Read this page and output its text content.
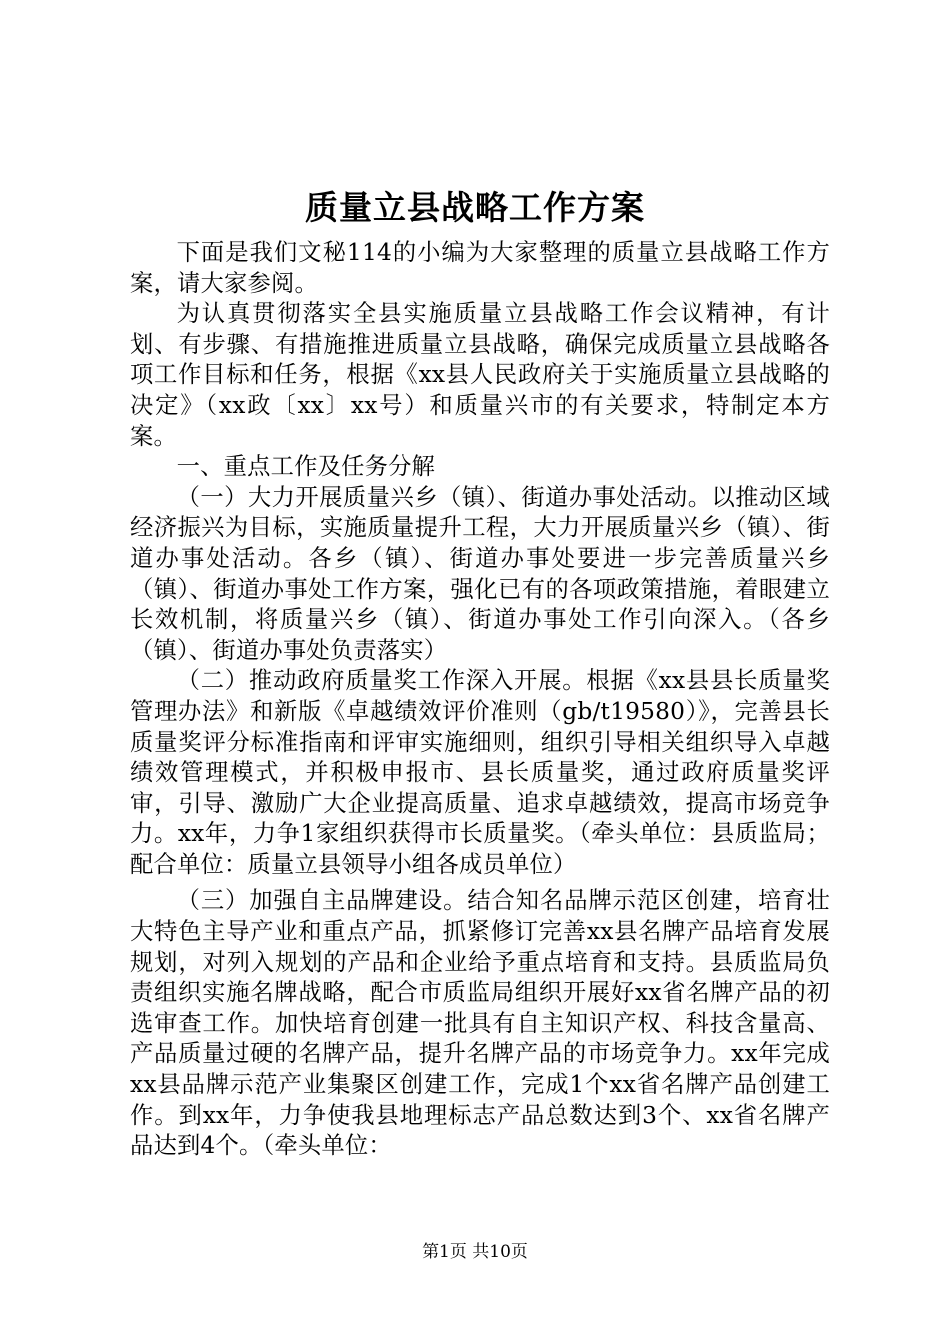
质量立县战略工作方案

下面是我们文秘114的小编为大家整理的质量立县战略工作方案，请大家参阅。

为认真贯彻落实全县实施质量立县战略工作会议精神，有计划、有步骤、有措施推进质量立县战略，确保完成质量立县战略各项工作目标和任务，根据《xx县人民政府关于实施质量立县战略的决定》（xx政〔xx〕xx号）和质量兴市的有关要求，特制定本方案。

一、重点工作及任务分解

（一）大力开展质量兴乡（镇）、街道办事处活动。以推动区域经济振兴为目标，实施质量提升工程，大力开展质量兴乡（镇）、街道办事处活动。各乡（镇）、街道办事处要进一步完善质量兴乡（镇）、街道办事处工作方案，强化已有的各项政策措施，着眼建立长效机制，将质量兴乡（镇）、街道办事处工作引向深入。（各乡（镇）、街道办事处负责落实）

（二）推动政府质量奖工作深入开展。根据《xx县县长质量奖管理办法》和新版《卓越绩效评价准则（gb/t19580）》，完善县长质量奖评分标准指南和评审实施细则，组织引导相关组织导入卓越绩效管理模式，并积极申报市、县长质量奖，通过政府质量奖评审，引导、激励广大企业提高质量、追求卓越绩效，提高市场竞争力。xx年，力争1家组织获得市长质量奖。（牵头单位：县质监局；配合单位：质量立县领导小组各成员单位）

（三）加强自主品牌建设。结合知名品牌示范区创建，培育壮大特色主导产业和重点产品，抓紧修订完善xx县名牌产品培育发展规划，对列入规划的产品和企业给予重点培育和支持。县质监局负责组织实施名牌战略，配合市质监局组织开展好xx省名牌产品的初选审查工作。加快培育创建一批具有自主知识产权、科技含量高、产品质量过硬的名牌产品，提升名牌产品的市场竞争力。xx年完成xx县品牌示范产业集聚区创建工作，完成1个xx省名牌产品创建工作。到xx年，力争使我县地理标志产品总数达到3个、xx省名牌产品达到4个。（牵头单位：

第1页 共10页
